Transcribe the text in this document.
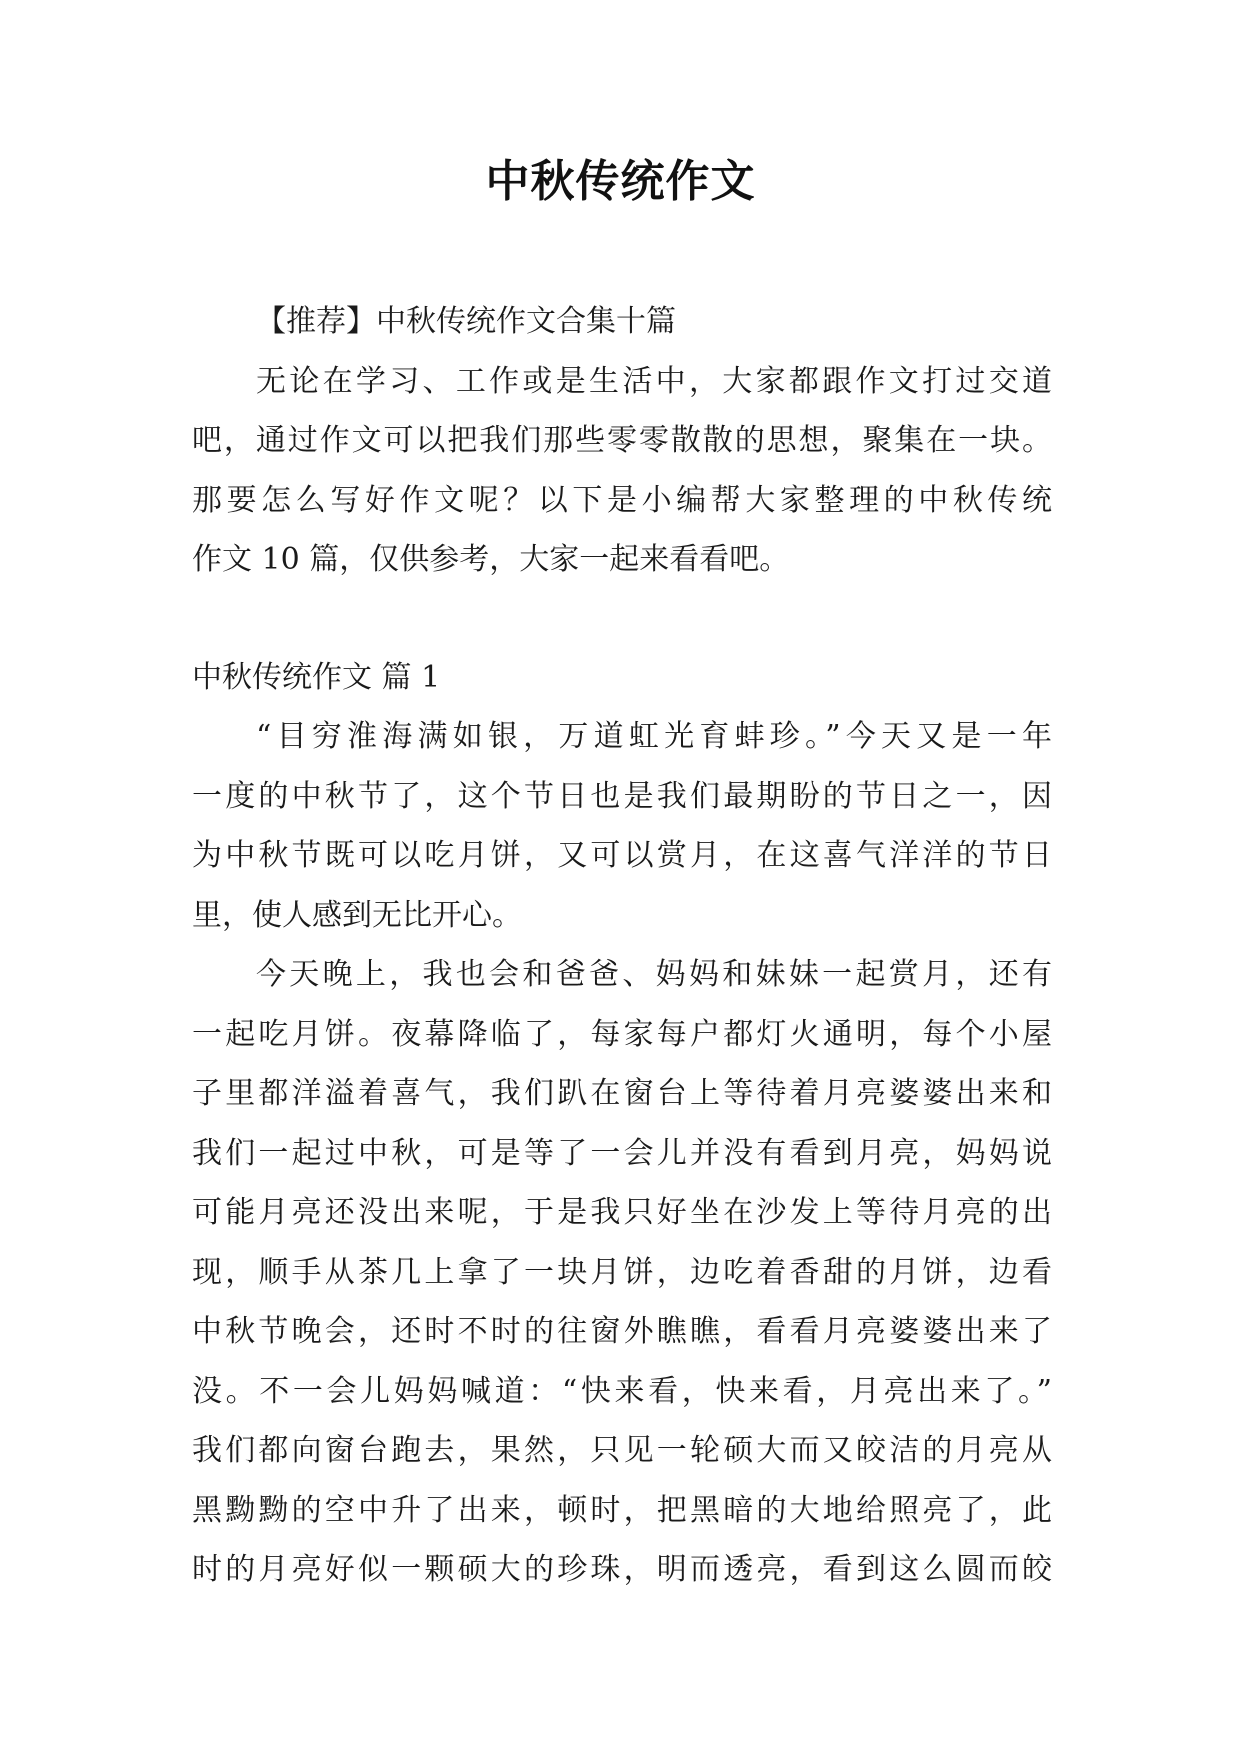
中秋传统作文
【推荐】中秋传统作文合集十篇
无论在学习、工作或是生活中，大家都跟作文打过交道
吧，通过作文可以把我们那些零零散散的思想，聚集在一块。
那要怎么写好作文呢？以下是小编帮大家整理的中秋传统
作文 10 篇，仅供参考，大家一起来看看吧。
中秋传统作文 篇 1
“目穷淮海满如银，万道虹光育蚌珍。”今天又是一年
一度的中秋节了，这个节日也是我们最期盼的节日之一，因
为中秋节既可以吃月饼，又可以赏月，在这喜气洋洋的节日
里，使人感到无比开心。
今天晚上，我也会和爸爸、妈妈和妹妹一起赏月，还有
一起吃月饼。夜幕降临了，每家每户都灯火通明，每个小屋
子里都洋溢着喜气，我们趴在窗台上等待着月亮婆婆出来和
我们一起过中秋，可是等了一会儿并没有看到月亮，妈妈说
可能月亮还没出来呢，于是我只好坐在沙发上等待月亮的出
现，顺手从茶几上拿了一块月饼，边吃着香甜的月饼，边看
中秋节晚会，还时不时的往窗外瞧瞧，看看月亮婆婆出来了
没。不一会儿妈妈喊道：“快来看，快来看，月亮出来了。”
我们都向窗台跑去，果然，只见一轮硕大而又皎洁的月亮从
黑黝黝的空中升了出来，顿时，把黑暗的大地给照亮了，此
时的月亮好似一颗硕大的珍珠，明而透亮，看到这么圆而皎
